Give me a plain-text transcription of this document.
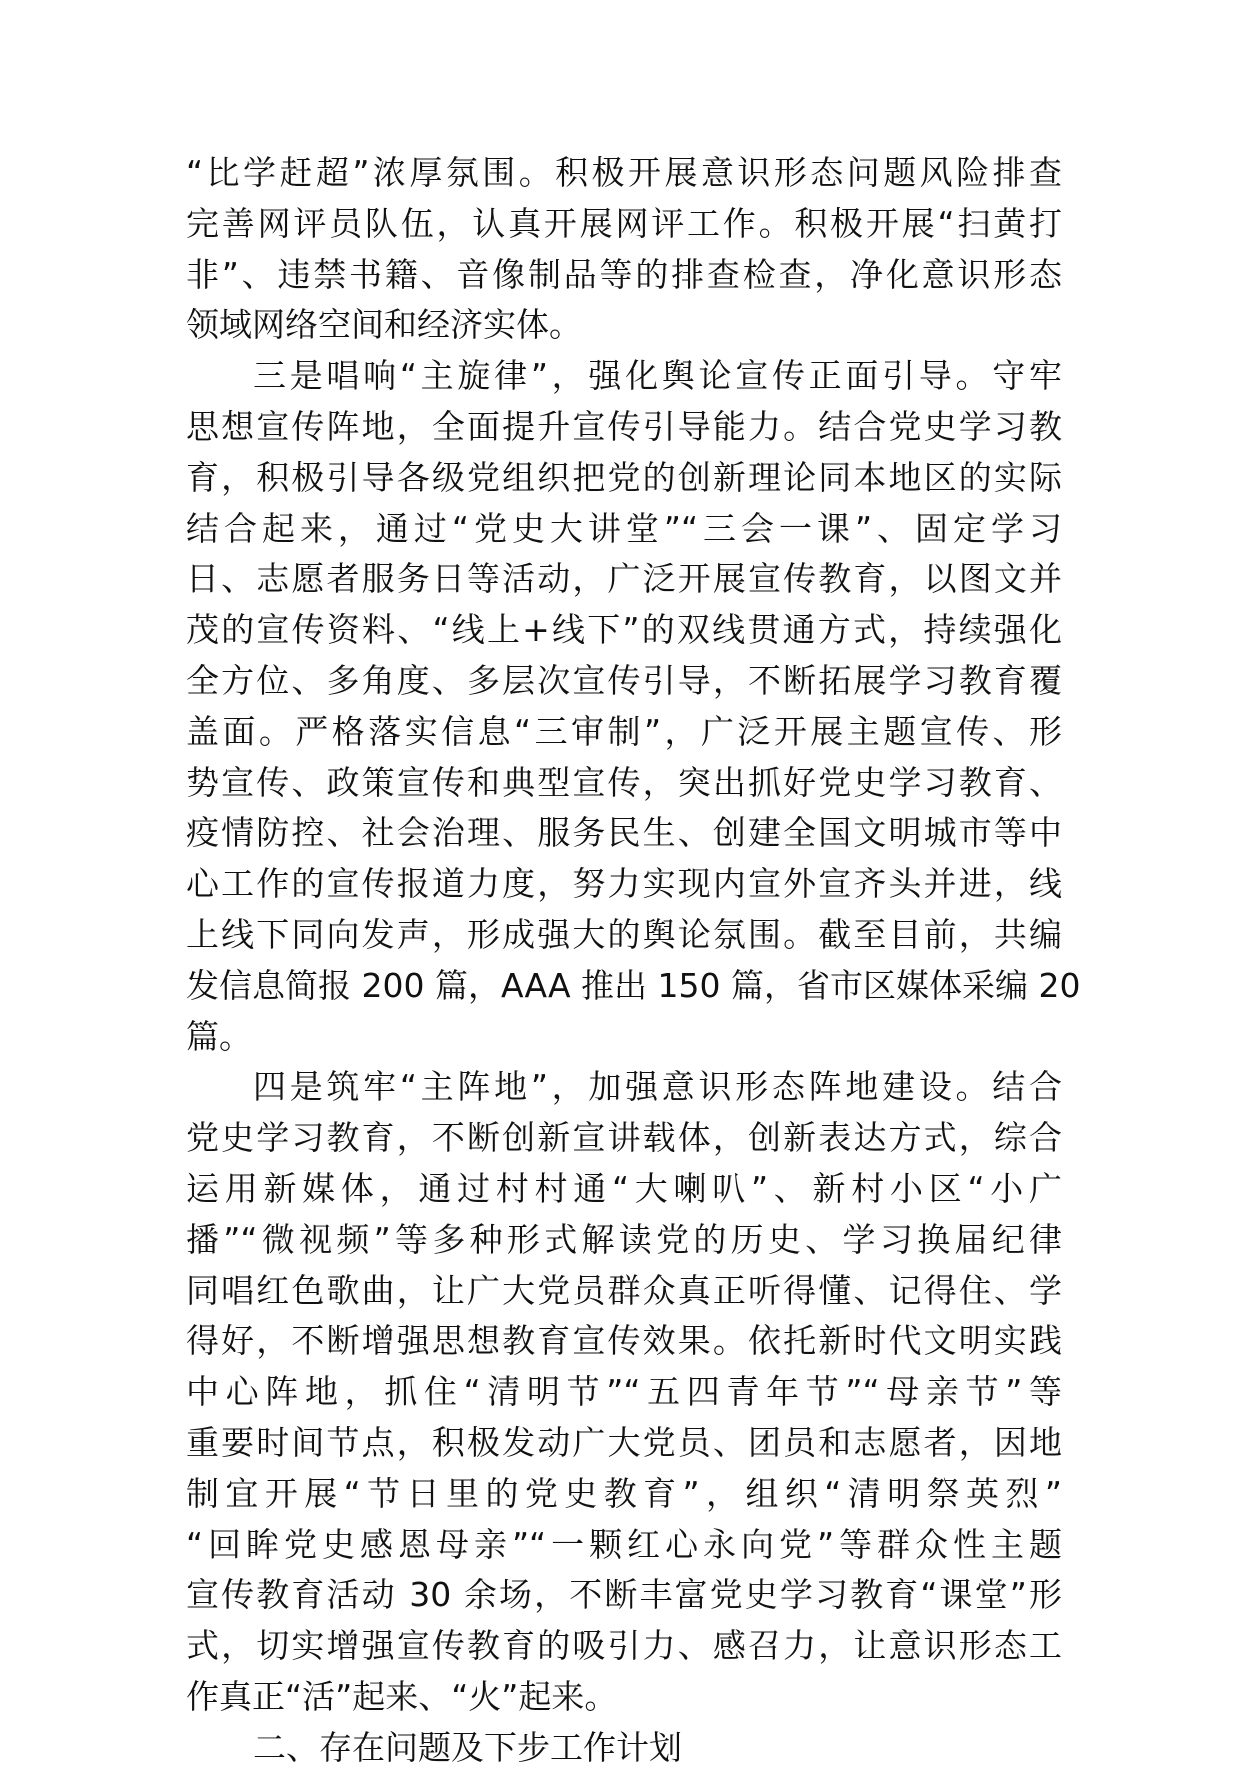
“比学赶超”浓厚氛围。积极开展意识形态问题风险排查
完善网评员队伍，认真开展网评工作。积极开展“扫黄打
非”、违禁书籍、音像制品等的排查检查，净化意识形态
领域网络空间和经济实体。
三是唱响“主旋律”，强化舆论宣传正面引导。守牢
思想宣传阵地，全面提升宣传引导能力。结合党史学习教
育，积极引导各级党组织把党的创新理论同本地区的实际
结合起来，通过“党史大讲堂”“三会一课”、固定学习
日、志愿者服务日等活动，广泛开展宣传教育，以图文并
茂的宣传资料、“线上+线下”的双线贯通方式，持续强化
全方位、多角度、多层次宣传引导，不断拓展学习教育覆
盖面。严格落实信息“三审制”，广泛开展主题宣传、形
势宣传、政策宣传和典型宣传，突出抓好党史学习教育、
疫情防控、社会治理、服务民生、创建全国文明城市等中
心工作的宣传报道力度，努力实现内宣外宣齐头并进，线
上线下同向发声，形成强大的舆论氛围。截至目前，共编
发信息简报 200 篇，AAA 推出 150 篇，省市区媒体采编 20
篇。
四是筑牢“主阵地”，加强意识形态阵地建设。结合
党史学习教育，不断创新宣讲载体，创新表达方式，综合
运用新媒体，通过村村通“大喇叭”、新村小区“小广
播”“微视频”等多种形式解读党的历史、学习换届纪律
同唱红色歌曲，让广大党员群众真正听得懂、记得住、学
得好，不断增强思想教育宣传效果。依托新时代文明实践
中心阵地，抓住“清明节”“五四青年节”“母亲节”等
重要时间节点，积极发动广大党员、团员和志愿者，因地
制宜开展“节日里的党史教育”，组织“清明祭英烈”
“回眸党史感恩母亲”“一颗红心永向党”等群众性主题
宣传教育活动 30 余场，不断丰富党史学习教育“课堂”形
式，切实增强宣传教育的吸引力、感召力，让意识形态工
作真正“活”起来、“火”起来。
二、存在问题及下步工作计划
